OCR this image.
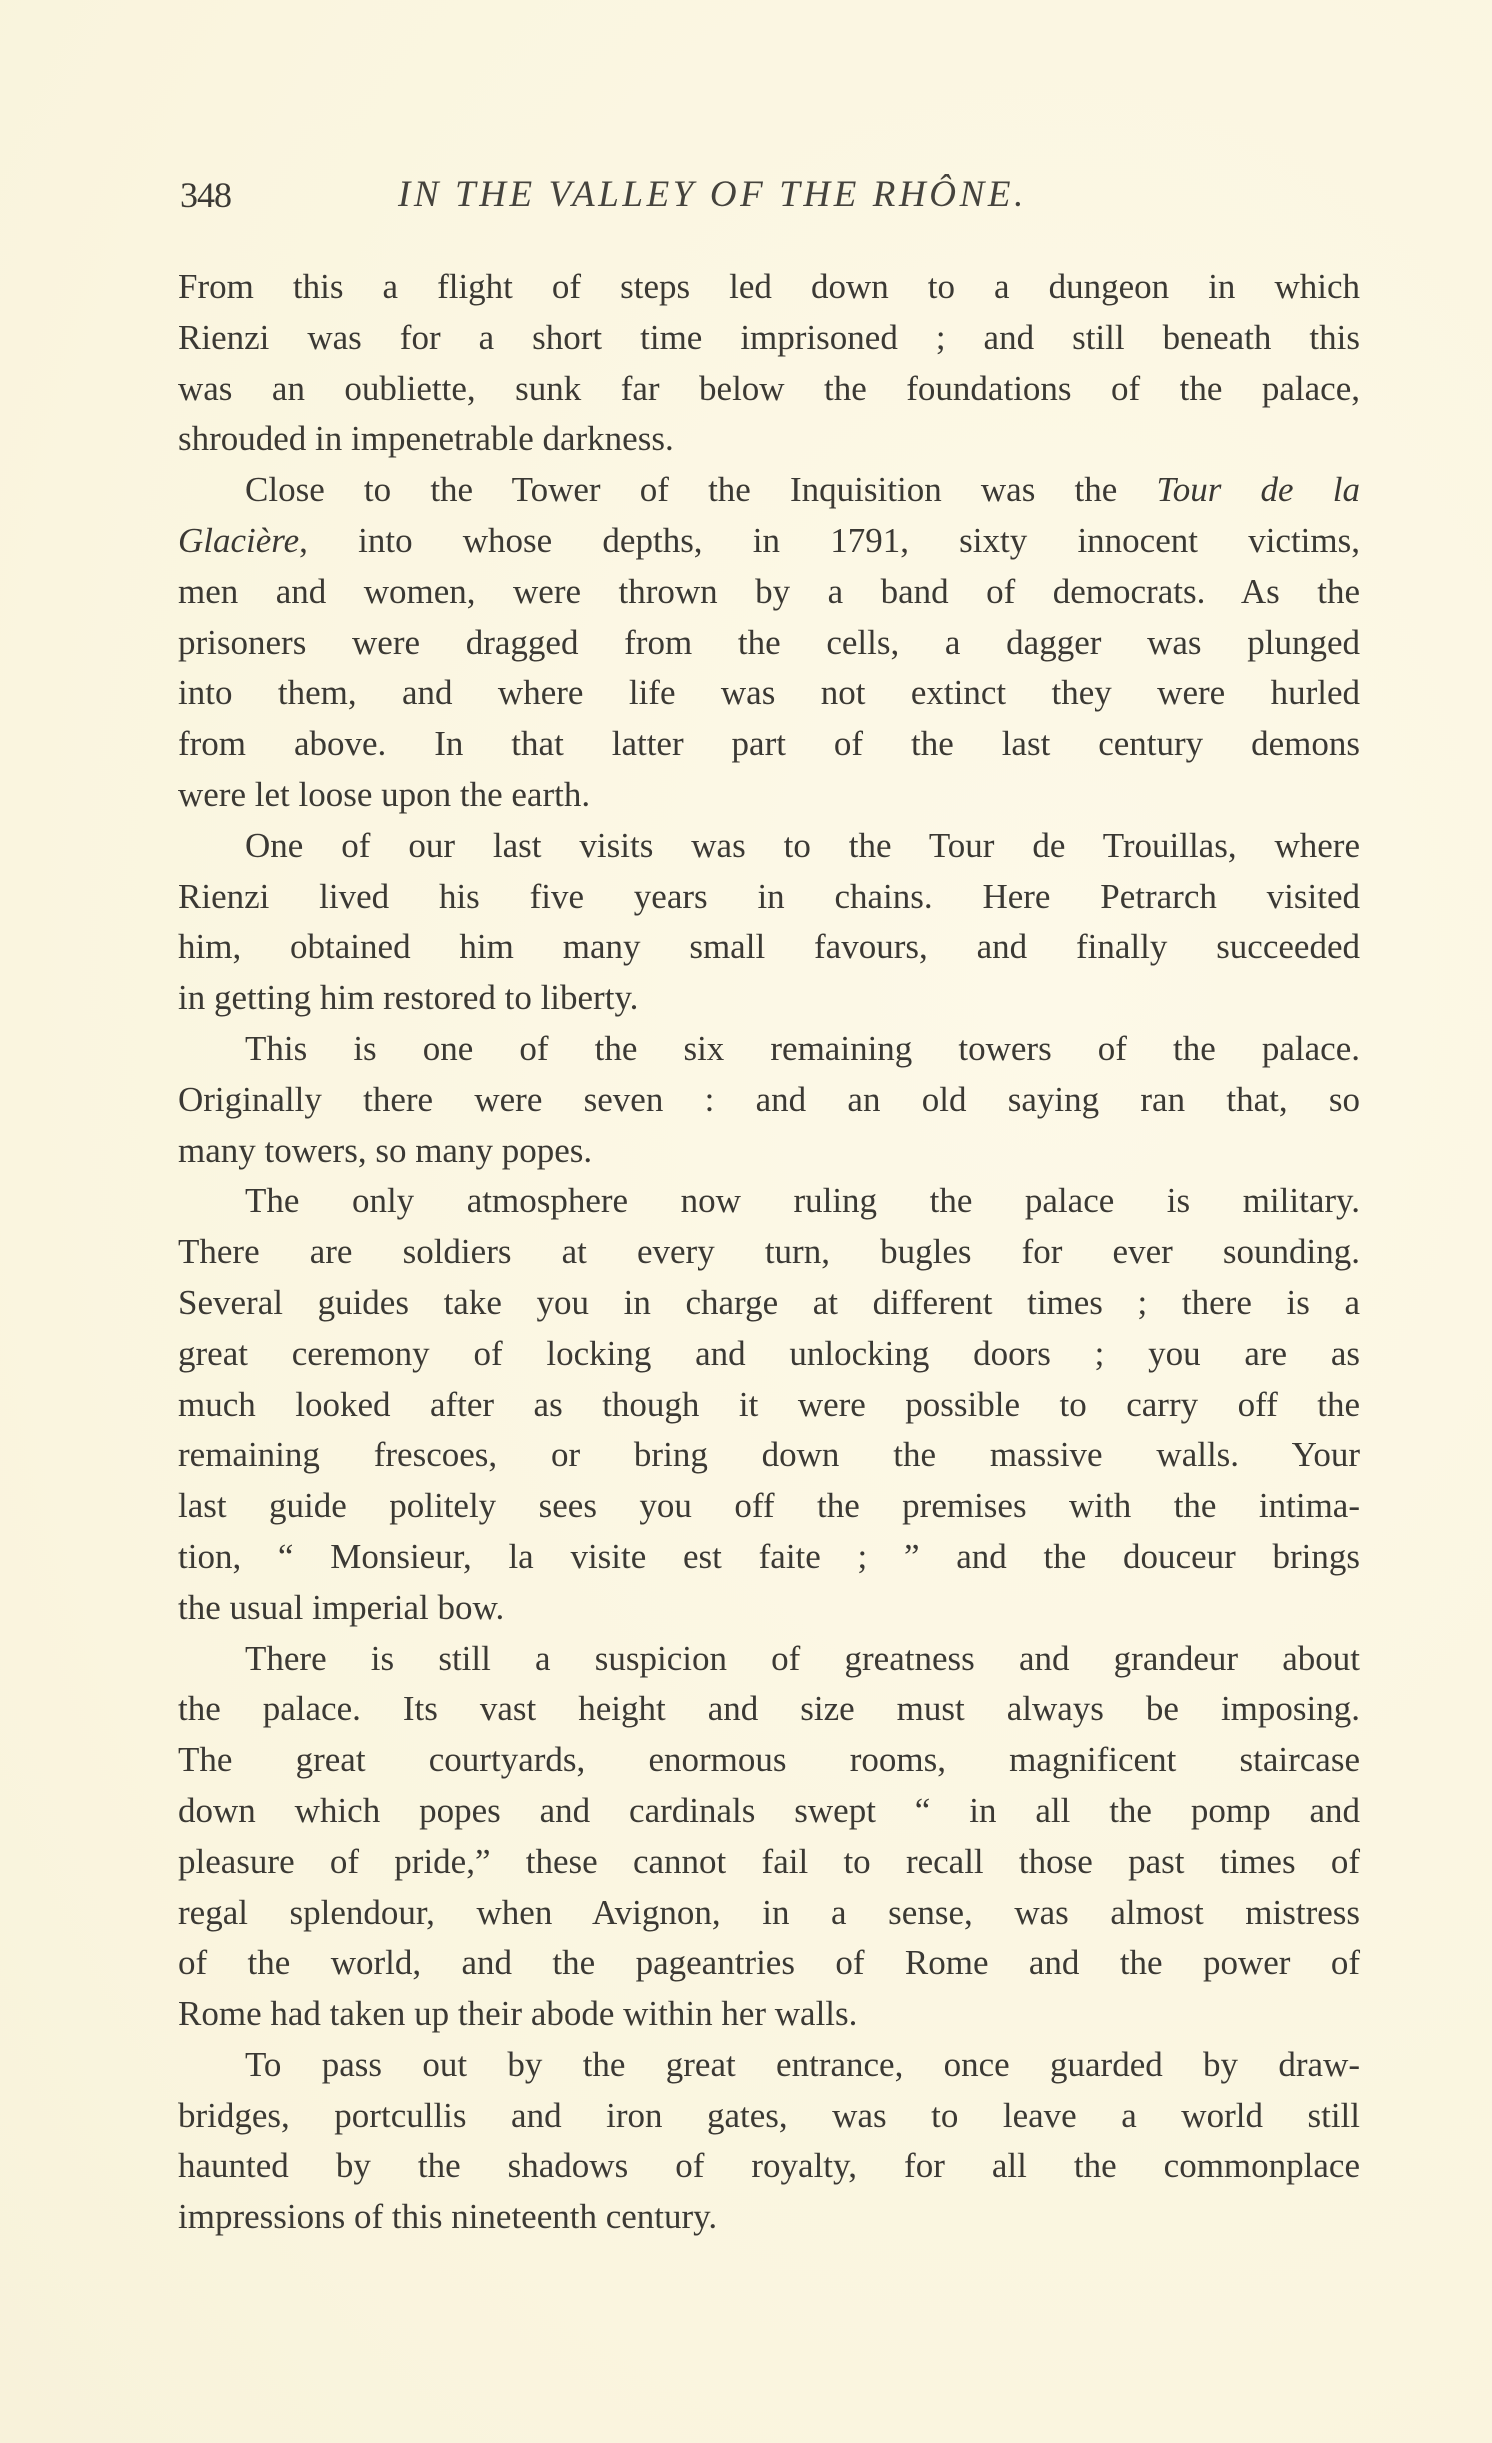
348	IN THE VALLEY OF THE RHÔNE.
From this a flight of steps led down to a dungeon in which
Rienzi was for a short time imprisoned ; and still beneath this
was an oubliette, sunk far below the foundations of the palace,
shrouded in impenetrable darkness.
Close to the Tower of the Inquisition was the Tour de la
Glacière, into whose depths, in 1791, sixty innocent victims,
men and women, were thrown by a band of democrats. As the
prisoners were dragged from the cells, a dagger was plunged
into them, and where life was not extinct they were hurled
from above. In that latter part of the last century demons
were let loose upon the earth.
One of our last visits was to the Tour de Trouillas, where
Rienzi lived his five years in chains. Here Petrarch visited
him, obtained him many small favours, and finally succeeded
in getting him restored to liberty.
This is one of the six remaining towers of the palace.
Originally there were seven : and an old saying ran that, so
many towers, so many popes.
The only atmosphere now ruling the palace is military.
There are soldiers at every turn, bugles for ever sounding.
Several guides take you in charge at different times ; there is a
great ceremony of locking and unlocking doors ; you are as
much looked after as though it were possible to carry off the
remaining frescoes, or bring down the massive walls. Your
last guide politely sees you off the premises with the intima-
tion, “ Monsieur, la visite est faite ; ” and the douceur brings
the usual imperial bow.
There is still a suspicion of greatness and grandeur about
the palace. Its vast height and size must always be imposing.
The great courtyards, enormous rooms, magnificent staircase
down which popes and cardinals swept “ in all the pomp and
pleasure of pride,” these cannot fail to recall those past times of
regal splendour, when Avignon, in a sense, was almost mistress
of the world, and the pageantries of Rome and the power of
Rome had taken up their abode within her walls.
To pass out by the great entrance, once guarded by draw-
bridges, portcullis and iron gates, was to leave a world still
haunted by the shadows of royalty, for all the commonplace
impressions of this nineteenth century.
